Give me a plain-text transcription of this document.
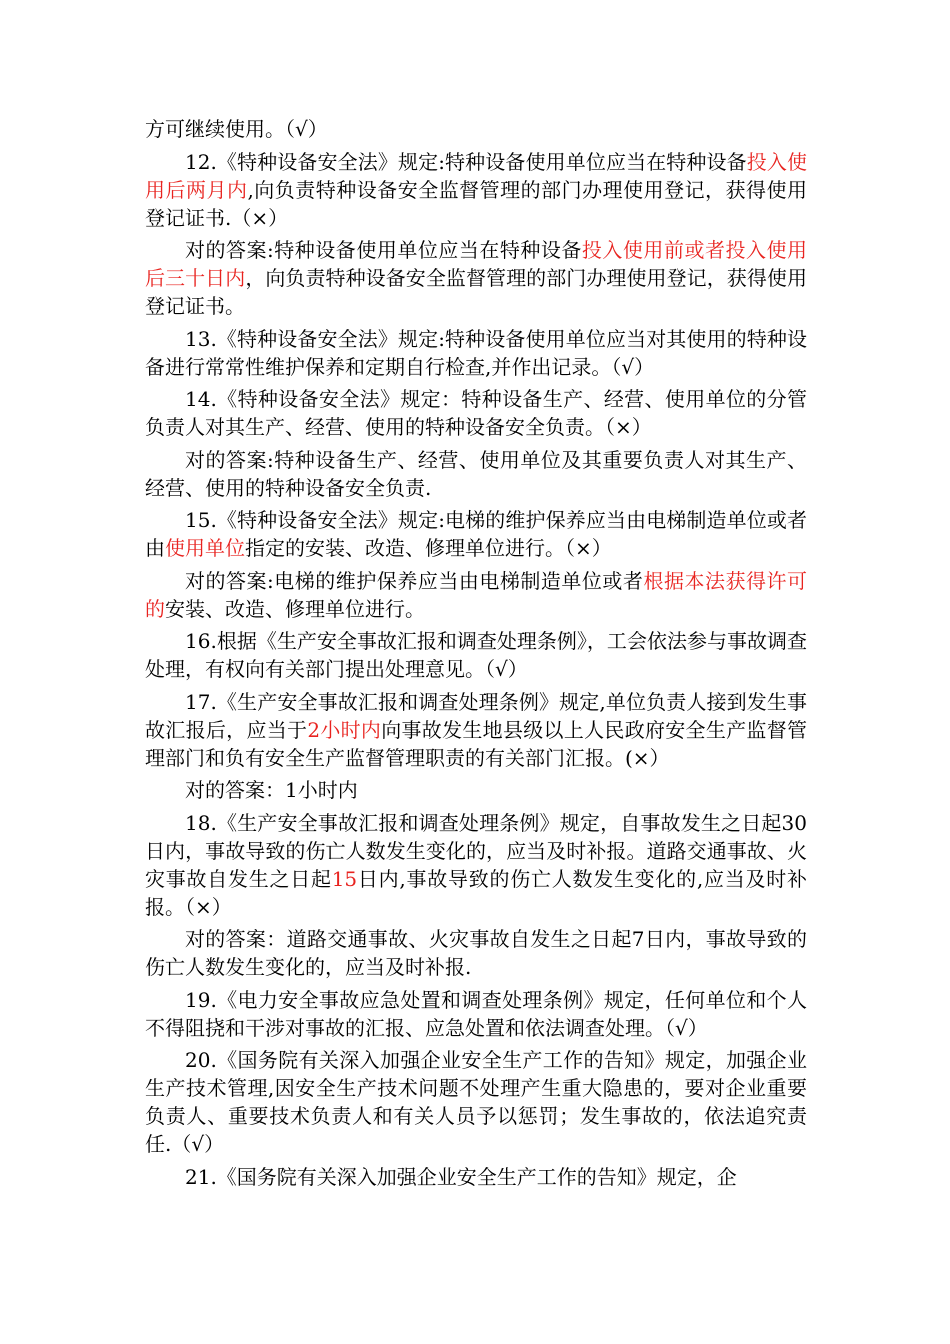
方可继续使用。（√）

12.《特种设备安全法》规定:特种设备使用单位应当在特种设备投入使用后两月内,向负责特种设备安全监督管理的部门办理使用登记，获得使用登记证书.（×）

对的答案:特种设备使用单位应当在特种设备投入使用前或者投入使用后三十日内，向负责特种设备安全监督管理的部门办理使用登记，获得使用登记证书。

13.《特种设备安全法》规定:特种设备使用单位应当对其使用的特种设备进行常常性维护保养和定期自行检查,并作出记录。（√）

14.《特种设备安全法》规定：特种设备生产、经营、使用单位的分管负责人对其生产、经营、使用的特种设备安全负责。（×）

对的答案:特种设备生产、经营、使用单位及其重要负责人对其生产、经营、使用的特种设备安全负责.

15.《特种设备安全法》规定:电梯的维护保养应当由电梯制造单位或者由使用单位指定的安装、改造、修理单位进行。（×）

对的答案:电梯的维护保养应当由电梯制造单位或者根据本法获得许可的安装、改造、修理单位进行。

16.根据《生产安全事故汇报和调查处理条例》，工会依法参与事故调查处理，有权向有关部门提出处理意见。（√）

17.《生产安全事故汇报和调查处理条例》规定,单位负责人接到发生事故汇报后，应当于2小时内向事故发生地县级以上人民政府安全生产监督管理部门和负有安全生产监督管理职责的有关部门汇报。(×）

对的答案：1小时内

18.《生产安全事故汇报和调查处理条例》规定，自事故发生之日起30日内，事故导致的伤亡人数发生变化的，应当及时补报。道路交通事故、火灾事故自发生之日起15日内,事故导致的伤亡人数发生变化的,应当及时补报。（×）

对的答案：道路交通事故、火灾事故自发生之日起7日内，事故导致的伤亡人数发生变化的，应当及时补报.

19.《电力安全事故应急处置和调查处理条例》规定，任何单位和个人不得阻挠和干涉对事故的汇报、应急处置和依法调查处理。（√）

20.《国务院有关深入加强企业安全生产工作的告知》规定，加强企业生产技术管理,因安全生产技术问题不处理产生重大隐患的，要对企业重要负责人、重要技术负责人和有关人员予以惩罚；发生事故的，依法追究责任.（√）

21.《国务院有关深入加强企业安全生产工作的告知》规定，企
